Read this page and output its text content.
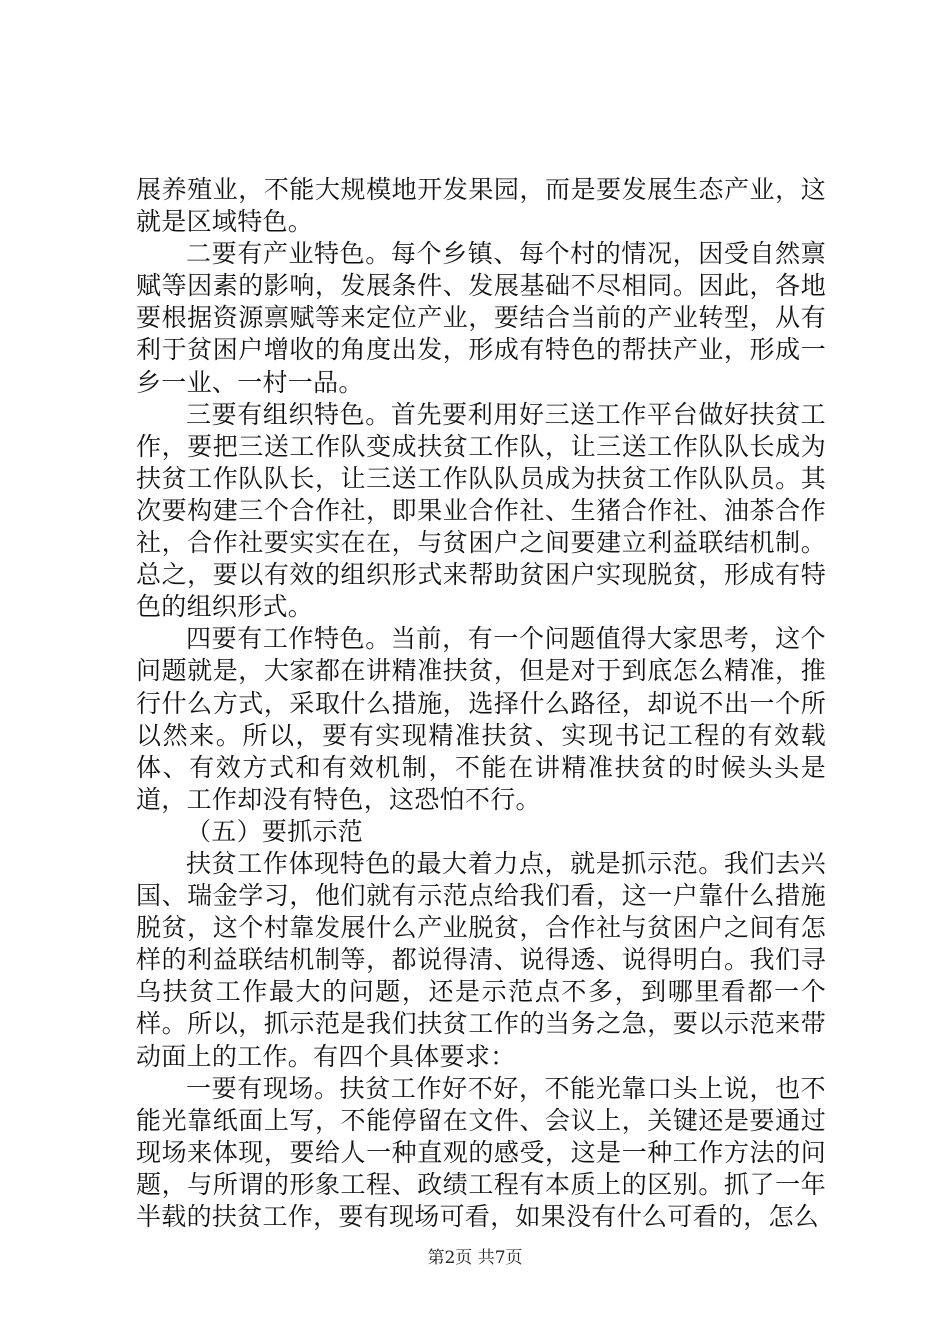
展养殖业，不能大规模地开发果园，而是要发展生态产业，这就是区域特色。

二要有产业特色。每个乡镇、每个村的情况，因受自然禀赋等因素的影响，发展条件、发展基础不尽相同。因此，各地要根据资源禀赋等来定位产业，要结合当前的产业转型，从有利于贫困户增收的角度出发，形成有特色的帮扶产业，形成一乡一业、一村一品。

三要有组织特色。首先要利用好三送工作平台做好扶贫工作，要把三送工作队变成扶贫工作队，让三送工作队队长成为扶贫工作队队长，让三送工作队队员成为扶贫工作队队员。其次要构建三个合作社，即果业合作社、生猪合作社、油茶合作社，合作社要实实在在，与贫困户之间要建立利益联结机制。总之，要以有效的组织形式来帮助贫困户实现脱贫，形成有特色的组织形式。

四要有工作特色。当前，有一个问题值得大家思考，这个问题就是，大家都在讲精准扶贫，但是对于到底怎么精准，推行什么方式，采取什么措施，选择什么路径，却说不出一个所以然来。所以，要有实现精准扶贫、实现书记工程的有效载体、有效方式和有效机制，不能在讲精准扶贫的时候头头是道，工作却没有特色，这恐怕不行。

（五）要抓示范

扶贫工作体现特色的最大着力点，就是抓示范。我们去兴国、瑞金学习，他们就有示范点给我们看，这一户靠什么措施脱贫，这个村靠发展什么产业脱贫，合作社与贫困户之间有怎样的利益联结机制等，都说得清、说得透、说得明白。我们寻乌扶贫工作最大的问题，还是示范点不多，到哪里看都一个样。所以，抓示范是我们扶贫工作的当务之急，要以示范来带动面上的工作。有四个具体要求：

一要有现场。扶贫工作好不好，不能光靠口头上说，也不能光靠纸面上写，不能停留在文件、会议上，关键还是要通过现场来体现，要给人一种直观的感受，这是一种工作方法的问题，与所谓的形象工程、政绩工程有本质上的区别。抓了一年半载的扶贫工作，要有现场可看，如果没有什么可看的，怎么

第2页 共7页
